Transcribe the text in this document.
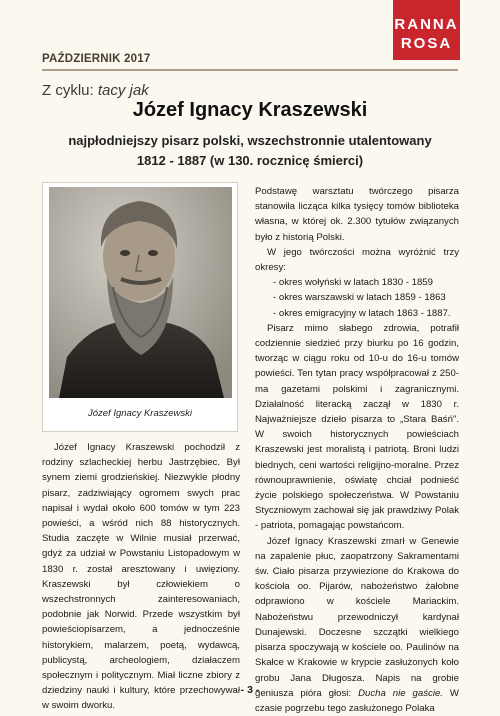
RANNA
ROSA
PAŹDZIERNIK 2017
Z cyklu: tacy jak
Józef Ignacy Kraszewski
najpłodniejszy pisarz polski, wszechstronnie utalentowany
1812 - 1887 (w 130. rocznicę śmierci)
Józef Ignacy Kraszewski

Józef Ignacy Kraszewski pochodził z rodziny szlacheckiej herbu Jastrzębiec. Był synem ziemi grodzieńskiej. Niezwykle płodny pisarz, zadziwiający ogromem swych prac napisał i wydał około 600 tomów w tym 223 powieści, a wśród nich 88 historycznych. Studia zaczęte w Wilnie musiał przerwać, gdyż za udział w Powstaniu Listopadowym w 1830 r. został aresztowany i uwięziony. Kraszewski był człowiekiem o wszechstronnych zainteresowaniach, podobnie jak Norwid. Przede wszystkim był powieściopisarzem, a jednocześnie historykiem, malarzem, poetą, wydawcą, publicystą, archeologiem, działaczem społecznym i politycznym. Miał liczne zbiory z dziedziny nauki i kultury, które przechowywał w swoim dworku.

Podstawę warsztatu twórczego pisarza stanowiła licząca kilka tysięcy tomów biblioteka własna, w której ok. 2.300 tytułów związanych było z historią Polski.

W jego twórczości można wyróżnić trzy okresy:

- okres wołyński w latach 1830 - 1859

- okres warszawski w latach 1859 - 1863

- okres emigracyjny w latach 1863 - 1887.

Pisarz mimo słabego zdrowia, potrafił codziennie siedzieć przy biurku po 16 godzin, tworząc w ciągu roku od 10-u do 16-u tomów powieści. Ten tytan pracy współpracował z 250-ma gazetami polskimi i zagranicznymi. Działalność literacką zaczął w 1830 r. Najważniejsze dzieło pisarza to „Stara Baśń". W swoich historycznych powieściach Kraszewski jest moralistą i patriotą. Broni ludzi biednych, ceni wartości religijno-moralne. Przez równouprawnienie, oświatę chciał podnieść życie polskiego społeczeństwa. W Powstaniu Styczniowym zachował się jak prawdziwy Polak - patriota, pomagając powstańcom.

Józef Ignacy Kraszewski zmarł w Genewie na zapalenie płuc, zaopatrzony Sakramentami św. Ciało pisarza przywiezione do Krakowa do kościoła oo. Pijarów, nabożeństwo żałobne odprawiono w kościele Mariackim. Nabożeństwu przewodniczył kardynał Dunajewski. Doczesne szczątki wielkiego pisarza spoczywają w kościele oo. Paulinów na Skałce w Krakowie w krypcie zasłużonych koło grobu Jana Długosza. Napis na grobie geniusza pióra głosi: Ducha nie gaście. W czasie pogrzebu tego zasłużonego Polaka

- 3 -
